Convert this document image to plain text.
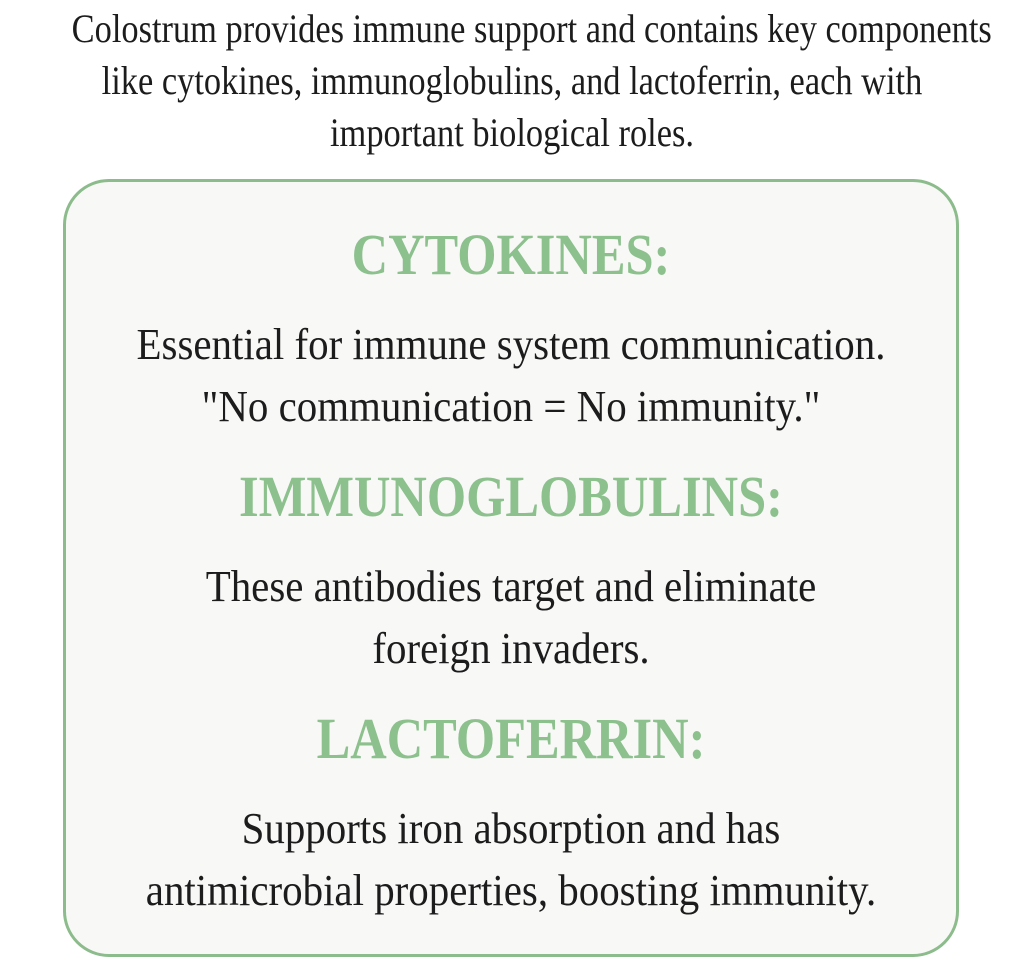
Colostrum provides immune support and contains key components
like cytokines, immunoglobulins, and lactoferrin, each with
important biological roles.
CYTOKINES:
Essential for immune system communication.
"No communication = No immunity."
IMMUNOGLOBULINS:
These antibodies target and eliminate
foreign invaders.
LACTOFERRIN:
Supports iron absorption and has
antimicrobial properties, boosting immunity.
